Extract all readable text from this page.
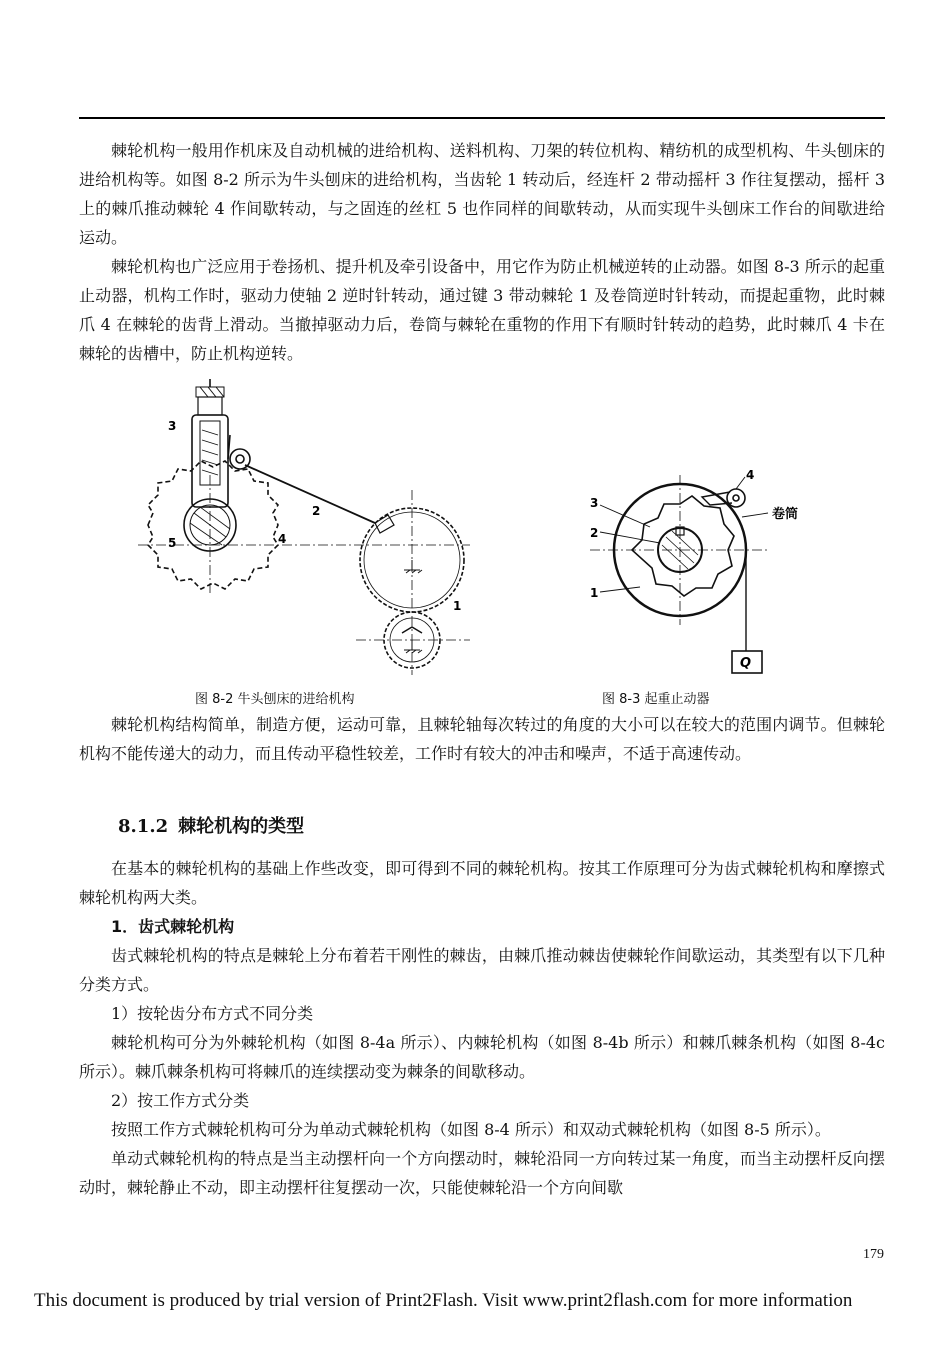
棘轮机构一般用作机床及自动机械的进给机构、送料机构、刀架的转位机构、精纺机的成型机构、牛头刨床的进给机构等。如图 8-2 所示为牛头刨床的进给机构，当齿轮 1 转动后，经连杆 2 带动摇杆 3 作往复摆动，摇杆 3 上的棘爪推动棘轮 4 作间歇转动，与之固连的丝杠 5 也作同样的间歇转动，从而实现牛头刨床工作台的间歇进给运动。

棘轮机构也广泛应用于卷扬机、提升机及牵引设备中，用它作为防止机械逆转的止动器。如图 8-3 所示的起重止动器，机构工作时，驱动力使轴 2 逆时针转动，通过键 3 带动棘轮 1 及卷筒逆时针转动，而提起重物，此时棘爪 4 在棘轮的齿背上滑动。当撤掉驱动力后，卷筒与棘轮在重物的作用下有顺时针转动的趋势，此时棘爪 4 卡在棘轮的齿槽中，防止机构逆转。

3
2
5	4
1
3
2
1
4
卷筒
Q
图 8-2 牛头刨床的进给机构	图 8-3 起重止动器

棘轮机构结构简单，制造方便，运动可靠，且棘轮轴每次转过的角度的大小可以在较大的范围内调节。但棘轮机构不能传递大的动力，而且传动平稳性较差，工作时有较大的冲击和噪声，不适于高速传动。

8.1.2 棘轮机构的类型

在基本的棘轮机构的基础上作些改变，即可得到不同的棘轮机构。按其工作原理可分为齿式棘轮机构和摩擦式棘轮机构两大类。

1．齿式棘轮机构

齿式棘轮机构的特点是棘轮上分布着若干刚性的棘齿，由棘爪推动棘齿使棘轮作间歇运动，其类型有以下几种分类方式。

1）按轮齿分布方式不同分类

棘轮机构可分为外棘轮机构（如图 8-4a 所示）、内棘轮机构（如图 8-4b 所示）和棘爪棘条机构（如图 8-4c 所示）。棘爪棘条机构可将棘爪的连续摆动变为棘条的间歇移动。

2）按工作方式分类

按照工作方式棘轮机构可分为单动式棘轮机构（如图 8-4 所示）和双动式棘轮机构（如图 8-5 所示）。

单动式棘轮机构的特点是当主动摆杆向一个方向摆动时，棘轮沿同一方向转过某一角度，而当主动摆杆反向摆动时，棘轮静止不动，即主动摆杆往复摆动一次，只能使棘轮沿一个方向间歇

179
This document is produced by trial version of Print2Flash. Visit www.print2flash.com for more information
